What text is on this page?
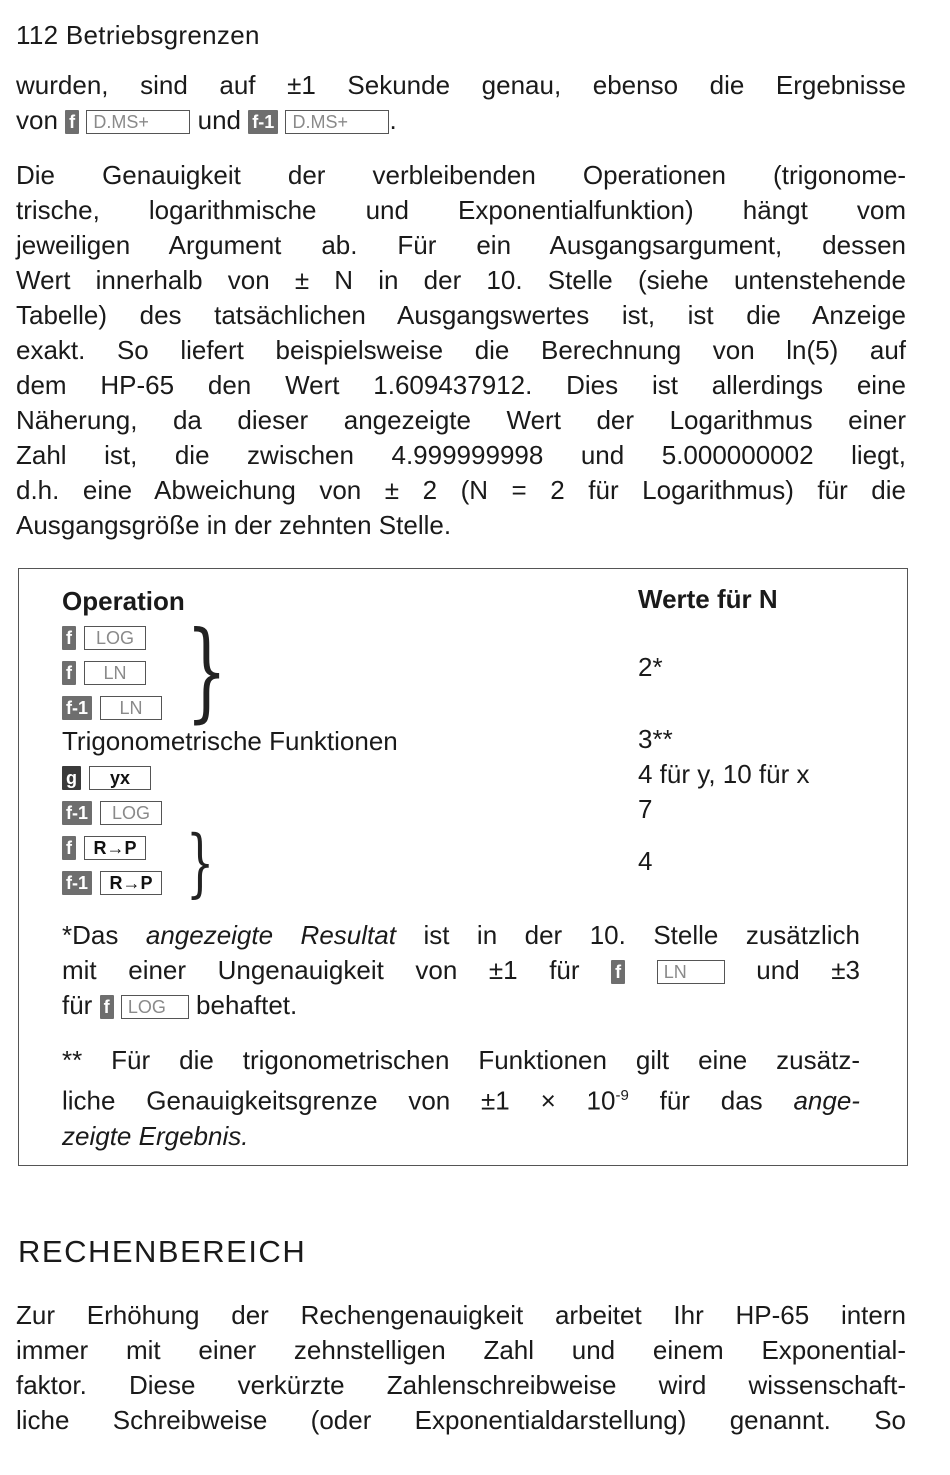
112 Betriebsgrenzen
wurden, sind auf ±1 Sekunde genau, ebenso die Ergebnisse
von f D.MS+ und f-1 D.MS+ .
Die Genauigkeit der verbleibenden Operationen (trigonome-
trische, logarithmische und Exponentialfunktion) hängt vom
jeweiligen Argument ab. Für ein Ausgangsargument, dessen
Wert innerhalb von ± N in der 10. Stelle (siehe untenstehende
Tabelle) des tatsächlichen Ausgangswertes ist, ist die Anzeige
exakt. So liefert beispielsweise die Berechnung von ln(5) auf
dem HP-65 den Wert 1.609437912. Dies ist allerdings eine
Näherung, da dieser angezeigte Wert der Logarithmus einer
Zahl ist, die zwischen 4.999999998 und 5.000000002 liegt,
d.h. eine Abweichung von ± 2 (N = 2 für Logarithmus) für die
Ausgangsgröße in der zehnten Stelle.
Operation	Werte für N
f	LOG
f	LN
f-1	LN }	2*
Trigonometrische Funktionen	3**
g	yx	4 für y, 10 für x
f-1	LOG	7
f	R→P
f-1	R→P }	4
*Das angezeigte Resultat ist in der 10. Stelle zusätzlich
mit einer Ungenauigkeit von ±1 für f LN	und ±3
für f LOG behaftet.
** Für die trigonometrischen Funktionen gilt eine zusätz-
liche Genauigkeitsgrenze von $\pm 1 \times 10^{-9}$ für das ange-
zeigte Ergebnis.
RECHENBEREICH
Zur Erhöhung der Rechengenauigkeit arbeitet Ihr HP-65 intern
immer mit einer zehnstelligen Zahl und einem Exponential-
faktor. Diese verkürzte Zahlenschreibweise wird wissenschaft-
liche Schreibweise (oder Exponentialdarstellung) genannt. So
